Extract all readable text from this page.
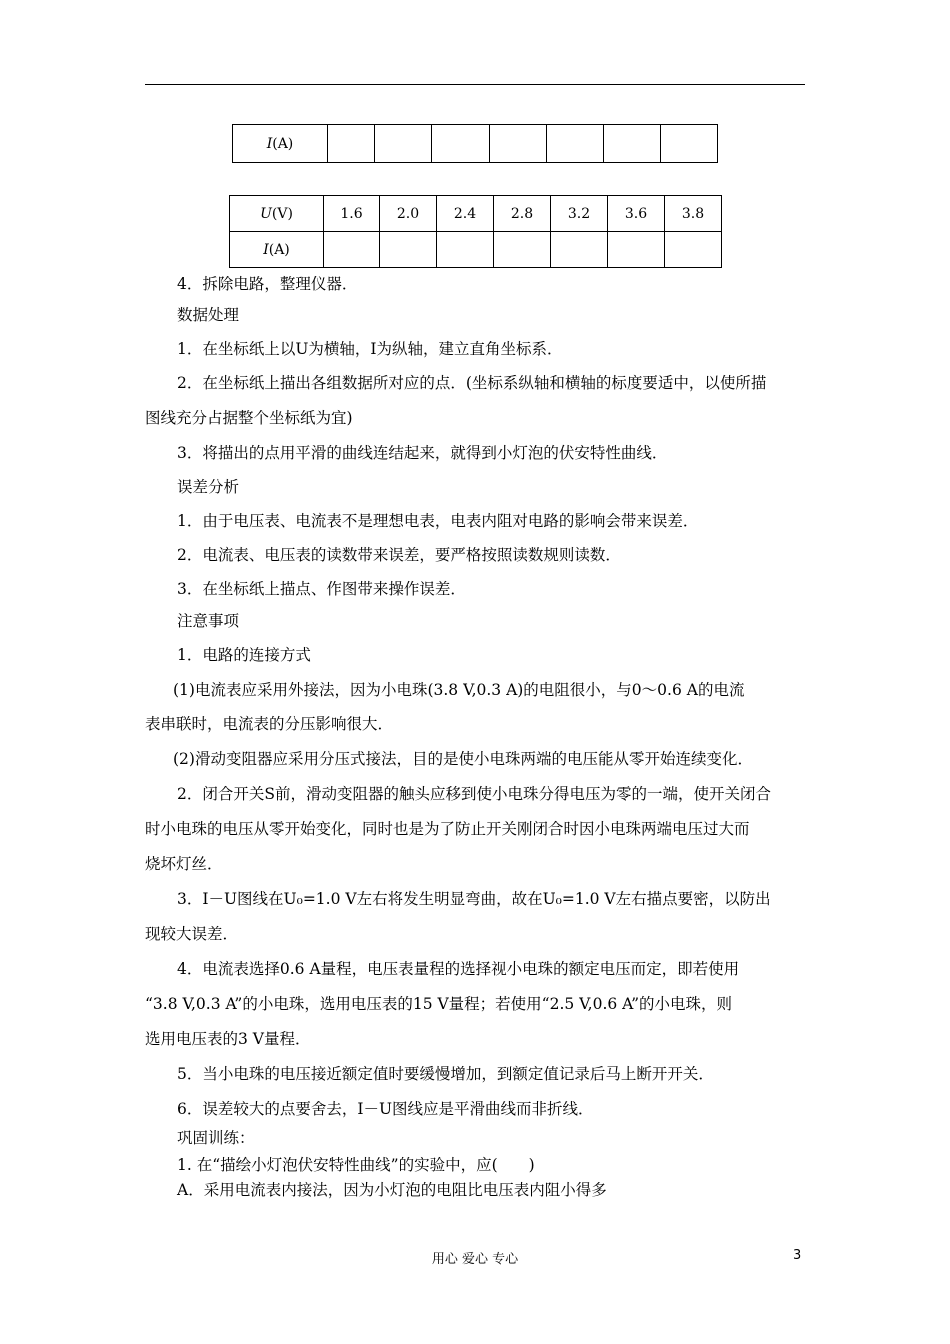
I(A)							
U(V)	1.6	2.0	2.4	2.8	3.2	3.6	3.8
I(A)							
4．拆除电路，整理仪器．
数据处理
1．在坐标纸上以U为横轴，I为纵轴，建立直角坐标系．
2．在坐标纸上描出各组数据所对应的点．(坐标系纵轴和横轴的标度要适中，以使所描
图线充分占据整个坐标纸为宜)
3．将描出的点用平滑的曲线连结起来，就得到小灯泡的伏安特性曲线．
误差分析
1．由于电压表、电流表不是理想电表，电表内阻对电路的影响会带来误差．
2．电流表、电压表的读数带来误差，要严格按照读数规则读数．
3．在坐标纸上描点、作图带来操作误差．
注意事项
1．电路的连接方式
(1)电流表应采用外接法，因为小电珠(3.8 V,0.3 A)的电阻很小，与0～0.6 A的电流
表串联时，电流表的分压影响很大．
(2)滑动变阻器应采用分压式接法，目的是使小电珠两端的电压能从零开始连续变化．
2．闭合开关S前，滑动变阻器的触头应移到使小电珠分得电压为零的一端，使开关闭合
时小电珠的电压从零开始变化，同时也是为了防止开关刚闭合时因小电珠两端电压过大而
烧坏灯丝．
3．I－U图线在U₀=1.0 V左右将发生明显弯曲，故在U₀=1.0 V左右描点要密，以防出
现较大误差．
4．电流表选择0.6 A量程，电压表量程的选择视小电珠的额定电压而定，即若使用
“3.8 V,0.3 A”的小电珠，选用电压表的15 V量程；若使用“2.5 V,0.6 A”的小电珠，则
选用电压表的3 V量程．
5．当小电珠的电压接近额定值时要缓慢增加，到额定值记录后马上断开开关．
6．误差较大的点要舍去，I－U图线应是平滑曲线而非折线．
巩固训练：
1. 在“描绘小灯泡伏安特性曲线”的实验中，应(　　)
A．采用电流表内接法，因为小灯泡的电阻比电压表内阻小得多
用心 爱心 专心	3
